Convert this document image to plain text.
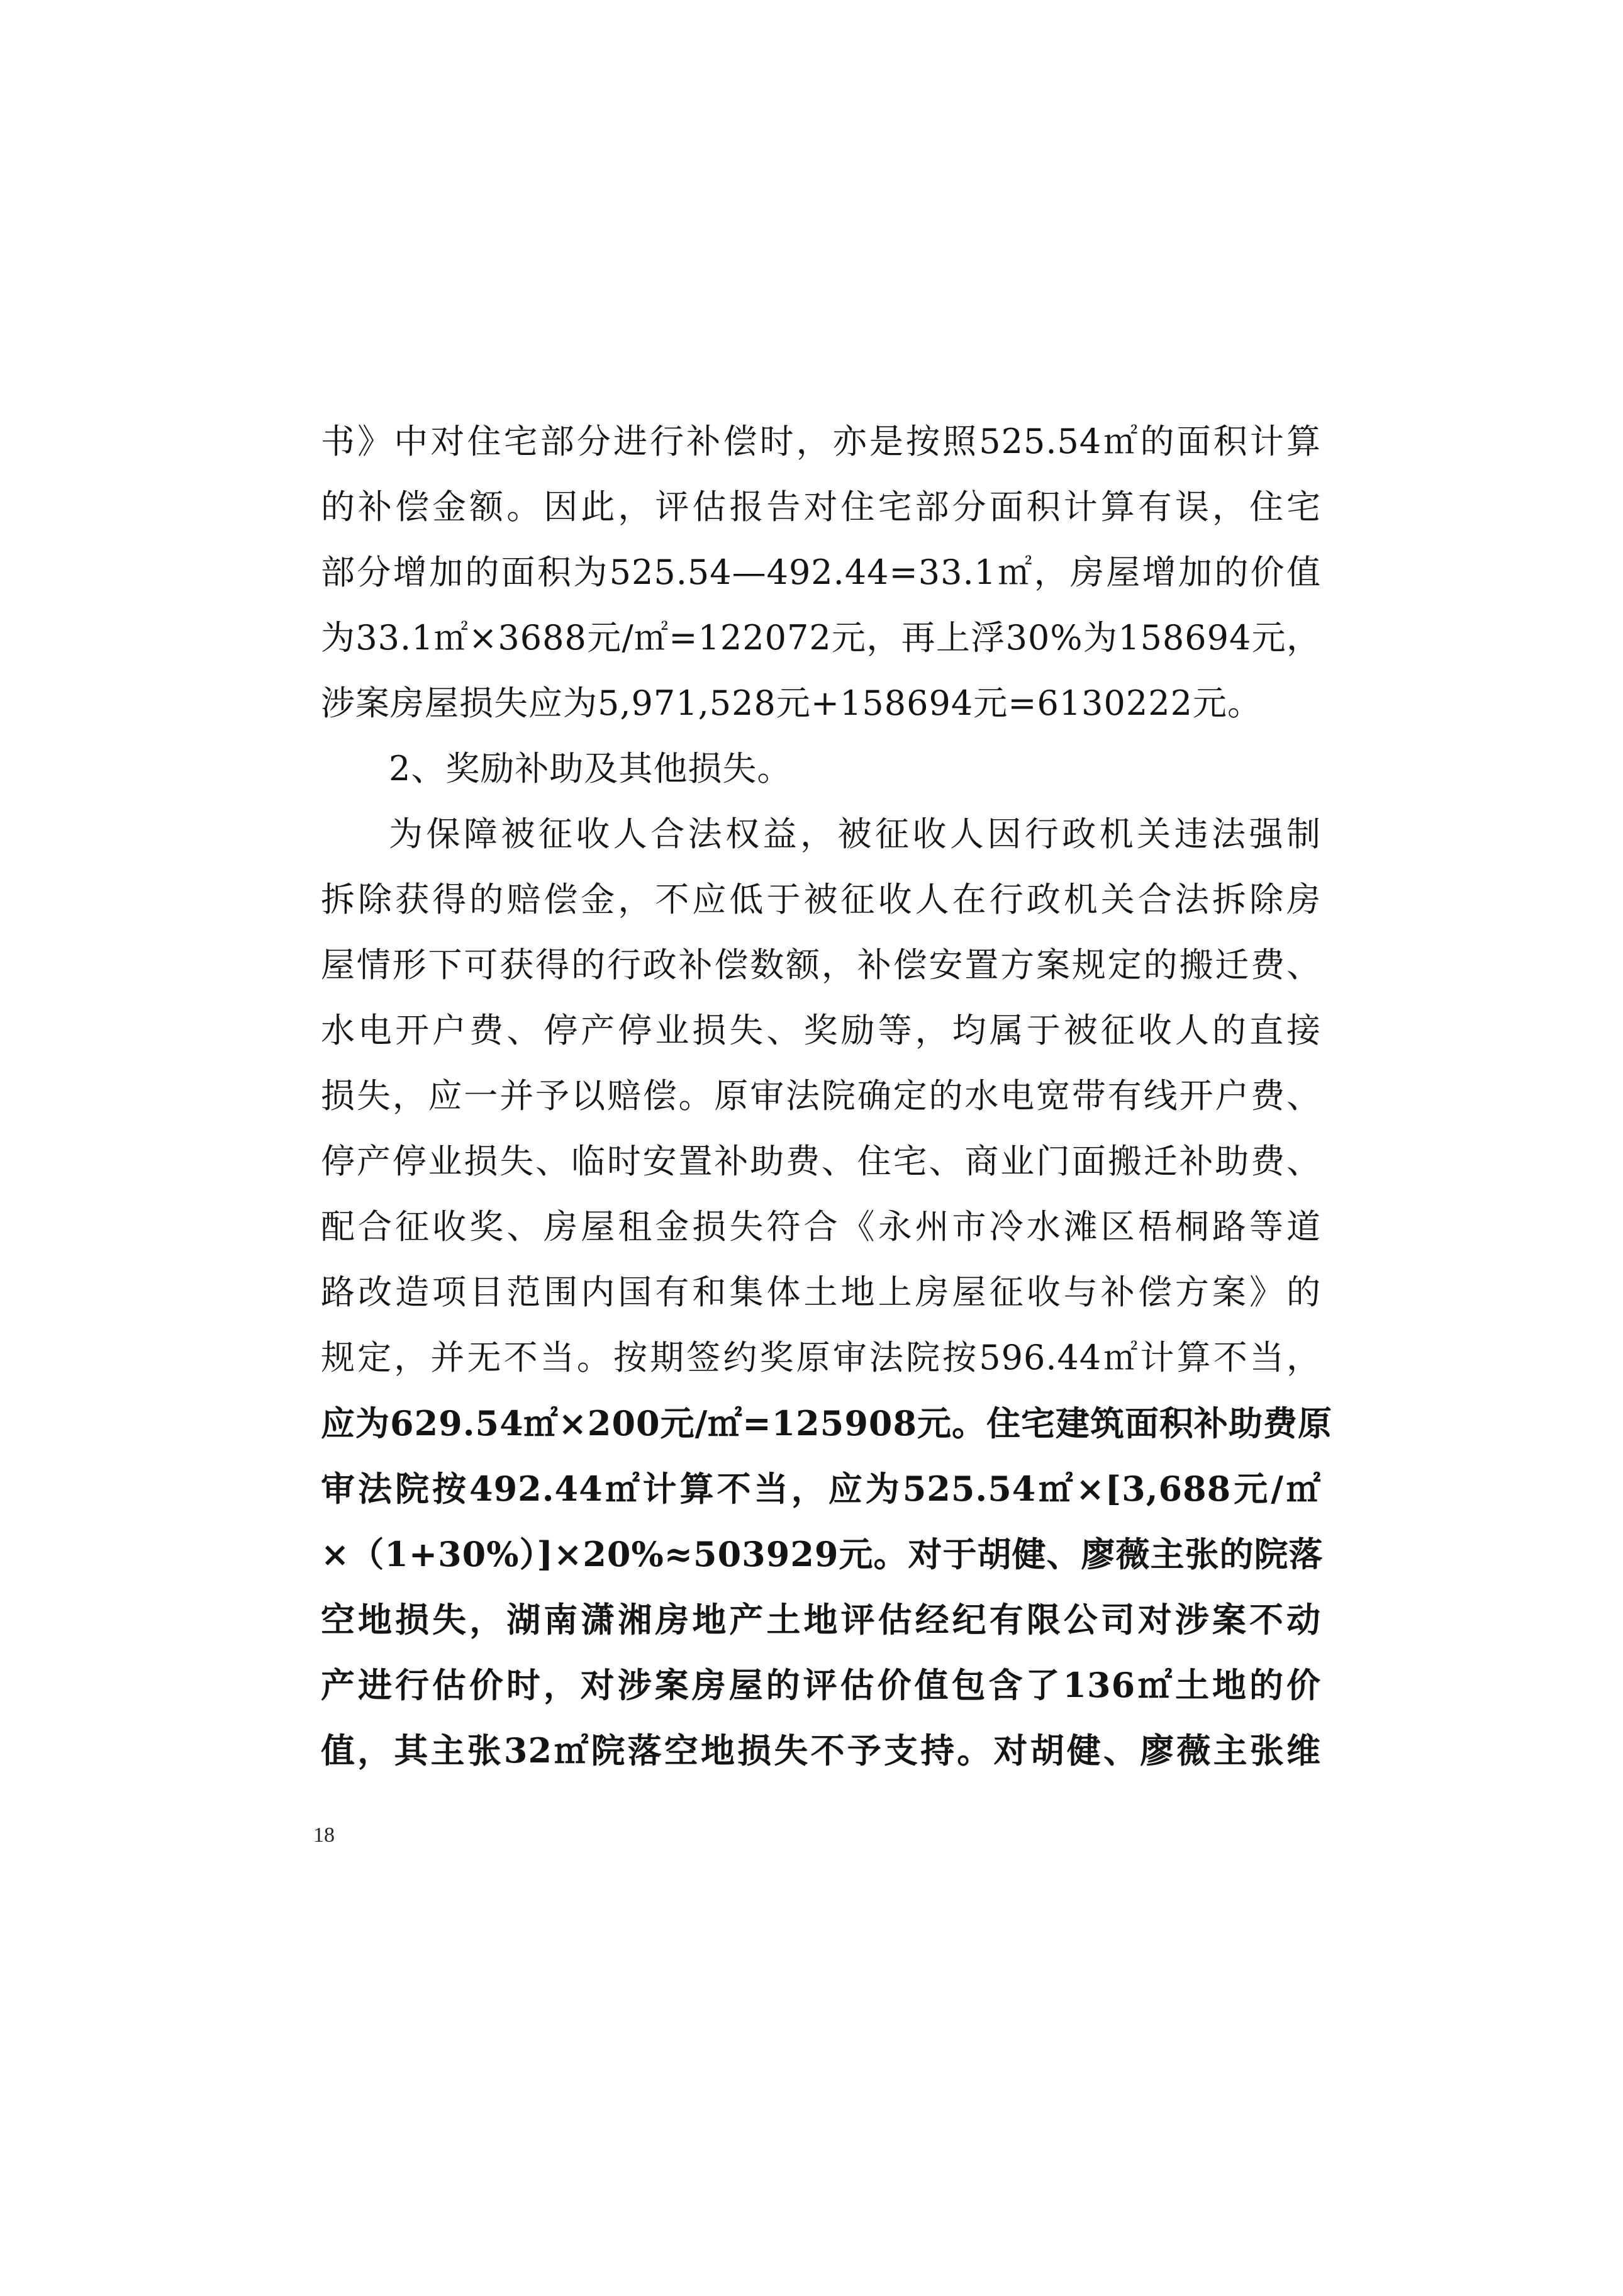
书》中对住宅部分进行补偿时，亦是按照525.54㎡的面积计算
的补偿金额。因此，评估报告对住宅部分面积计算有误，住宅
部分增加的面积为525.54—492.44=33.1㎡，房屋增加的价值
为33.1㎡×3688元/㎡=122072元，再上浮30%为158694元，
涉案房屋损失应为5,971,528元+158694元=6130222元。
2、奖励补助及其他损失。
为保障被征收人合法权益，被征收人因行政机关违法强制
拆除获得的赔偿金，不应低于被征收人在行政机关合法拆除房
屋情形下可获得的行政补偿数额，补偿安置方案规定的搬迁费、
水电开户费、停产停业损失、奖励等，均属于被征收人的直接
损失，应一并予以赔偿。原审法院确定的水电宽带有线开户费、
停产停业损失、临时安置补助费、住宅、商业门面搬迁补助费、
配合征收奖、房屋租金损失符合《永州市冷水滩区梧桐路等道
路改造项目范围内国有和集体土地上房屋征收与补偿方案》的
规定，并无不当。按期签约奖原审法院按596.44㎡计算不当，
应为629.54㎡×200元/㎡=125908元。住宅建筑面积补助费原
审法院按492.44㎡计算不当，应为525.54㎡×[3,688元/㎡
×（1+30%）]×20%≈503929元。对于胡健、廖薇主张的院落
空地损失，湖南潇湘房地产土地评估经纪有限公司对涉案不动
产进行估价时，对涉案房屋的评估价值包含了136㎡土地的价
值，其主张32㎡院落空地损失不予支持。对胡健、廖薇主张维
18
